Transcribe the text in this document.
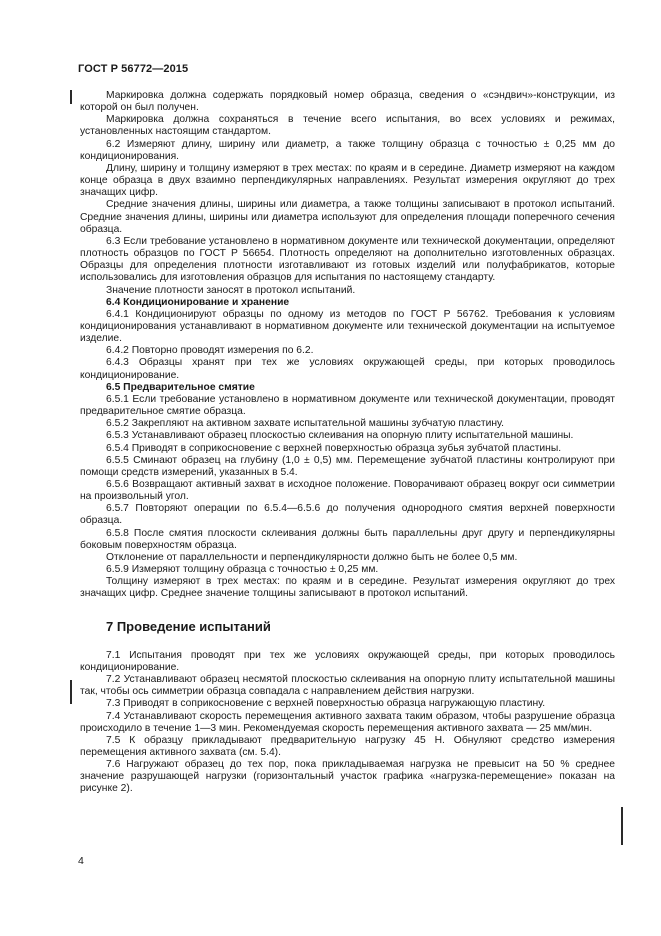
ГОСТ Р 56772—2015

Маркировка должна содержать порядковый номер образца, сведения о «сэндвич»-конструкции, из которой он был получен.

Маркировка должна сохраняться в течение всего испытания, во всех условиях и режимах, установленных настоящим стандартом.

6.2 Измеряют длину, ширину или диаметр, а также толщину образца с точностью ± 0,25 мм до кондиционирования.

Длину, ширину и толщину измеряют в трех местах: по краям и в середине. Диаметр измеряют на каждом конце образца в двух взаимно перпендикулярных направлениях. Результат измерения округляют до трех значащих цифр.

Средние значения длины, ширины или диаметра, а также толщины записывают в протокол испытаний. Средние значения длины, ширины или диаметра используют для определения площади поперечного сечения образца.

6.3 Если требование установлено в нормативном документе или технической документации, определяют плотность образцов по ГОСТ Р 56654. Плотность определяют на дополнительно изготовленных образцах. Образцы для определения плотности изготавливают из готовых изделий или полуфабрикатов, которые использовались для изготовления образцов для испытания по настоящему стандарту.

Значение плотности заносят в протокол испытаний.

6.4 Кондиционирование и хранение

6.4.1 Кондиционируют образцы по одному из методов по ГОСТ Р 56762. Требования к условиям кондиционирования устанавливают в нормативном документе или технической документации на испытуемое изделие.

6.4.2 Повторно проводят измерения по 6.2.

6.4.3 Образцы хранят при тех же условиях окружающей среды, при которых проводилось кондиционирование.

6.5 Предварительное смятие

6.5.1 Если требование установлено в нормативном документе или технической документации, проводят предварительное смятие образца.

6.5.2 Закрепляют на активном захвате испытательной машины зубчатую пластину.

6.5.3 Устанавливают образец плоскостью склеивания на опорную плиту испытательной машины.

6.5.4 Приводят в соприкосновение с верхней поверхностью образца зубья зубчатой пластины.

6.5.5 Сминают образец на глубину (1,0 ± 0,5) мм. Перемещение зубчатой пластины контролируют при помощи средств измерений, указанных в 5.4.

6.5.6 Возвращают активный захват в исходное положение. Поворачивают образец вокруг оси симметрии на произвольный угол.

6.5.7 Повторяют операции по 6.5.4—6.5.6 до получения однородного смятия верхней поверхности образца.

6.5.8 После смятия плоскости склеивания должны быть параллельны друг другу и перпендикулярны боковым поверхностям образца.

Отклонение от параллельности и перпендикулярности должно быть не более 0,5 мм.

6.5.9 Измеряют толщину образца с точностью ± 0,25 мм.

Толщину измеряют в трех местах: по краям и в середине. Результат измерения округляют до трех значащих цифр. Среднее значение толщины записывают в протокол испытаний.

7 Проведение испытаний

7.1 Испытания проводят при тех же условиях окружающей среды, при которых проводилось кондиционирование.

7.2 Устанавливают образец несмятой плоскостью склеивания на опорную плиту испытательной машины так, чтобы ось симметрии образца совпадала с направлением действия нагрузки.

7.3 Приводят в соприкосновение с верхней поверхностью образца нагружающую пластину.

7.4 Устанавливают скорость перемещения активного захвата таким образом, чтобы разрушение образца происходило в течение 1—3 мин. Рекомендуемая скорость перемещения активного захвата — 25 мм/мин.

7.5 К образцу прикладывают предварительную нагрузку 45 Н. Обнуляют средство измерения перемещения активного захвата (см. 5.4).

7.6 Нагружают образец до тех пор, пока прикладываемая нагрузка не превысит на 50 % среднее значение разрушающей нагрузки (горизонтальный участок графика «нагрузка-перемещение» показан на рисунке 2).

4
